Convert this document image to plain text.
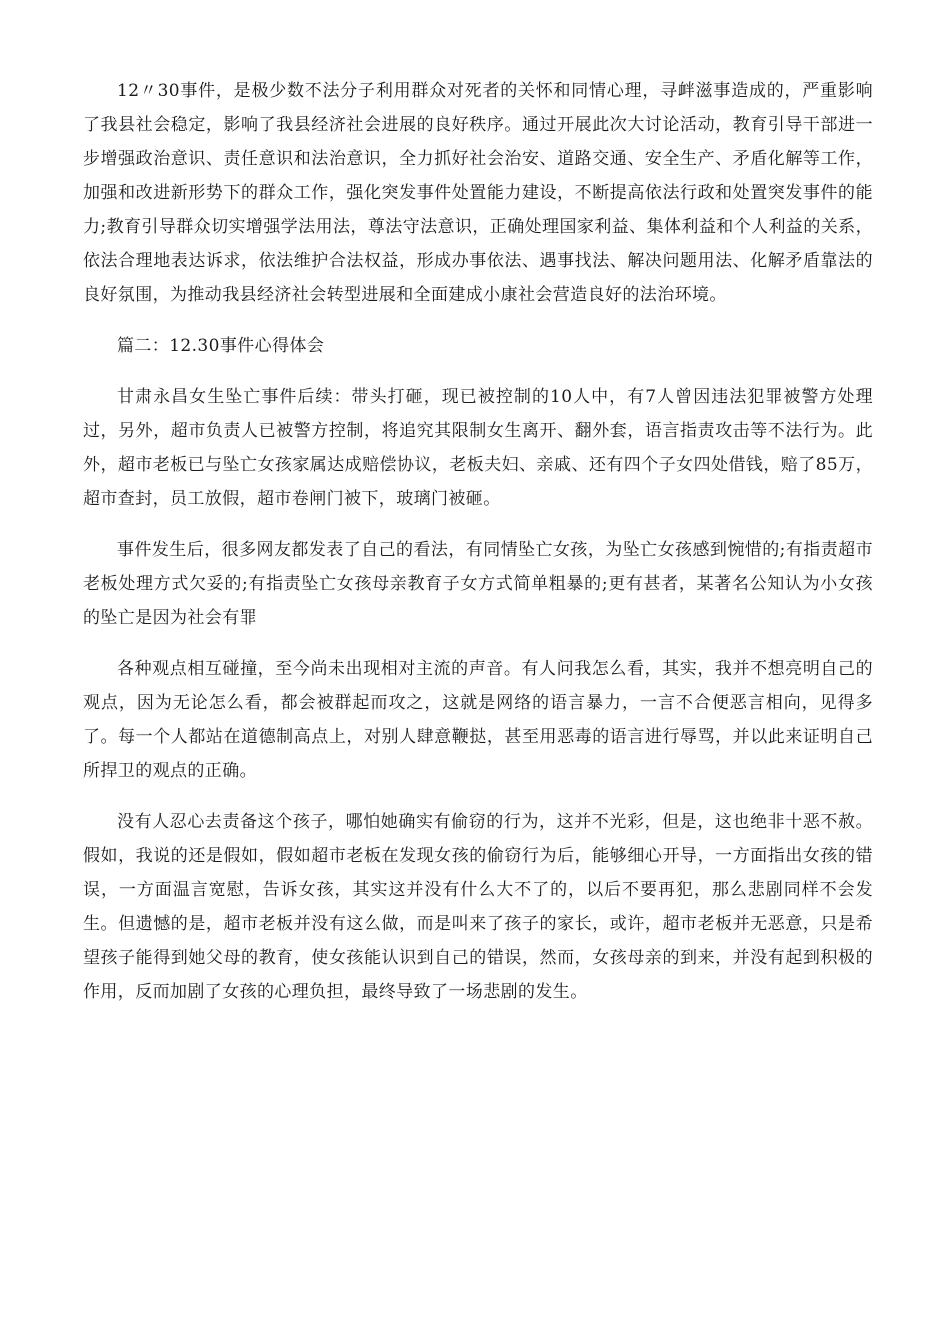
12〃30事件，是极少数不法分子利用群众对死者的关怀和同情心理，寻衅滋事造成的，严重影响了我县社会稳定，影响了我县经济社会进展的良好秩序。通过开展此次大讨论活动，教育引导干部进一步增强政治意识、责任意识和法治意识，全力抓好社会治安、道路交通、安全生产、矛盾化解等工作，加强和改进新形势下的群众工作，强化突发事件处置能力建设，不断提高依法行政和处置突发事件的能力;教育引导群众切实增强学法用法，尊法守法意识，正确处理国家利益、集体利益和个人利益的关系，依法合理地表达诉求，依法维护合法权益，形成办事依法、遇事找法、解决问题用法、化解矛盾靠法的良好氛围，为推动我县经济社会转型进展和全面建成小康社会营造良好的法治环境。

篇二：12.30事件心得体会

甘肃永昌女生坠亡事件后续：带头打砸，现已被控制的10人中，有7人曾因违法犯罪被警方处理过，另外，超市负责人已被警方控制，将追究其限制女生离开、翻外套，语言指责攻击等不法行为。此外，超市老板已与坠亡女孩家属达成赔偿协议，老板夫妇、亲戚、还有四个子女四处借钱，赔了85万，超市查封，员工放假，超市卷闸门被下，玻璃门被砸。

事件发生后，很多网友都发表了自己的看法，有同情坠亡女孩，为坠亡女孩感到惋惜的;有指责超市老板处理方式欠妥的;有指责坠亡女孩母亲教育子女方式简单粗暴的;更有甚者，某著名公知认为小女孩的坠亡是因为社会有罪

各种观点相互碰撞，至今尚未出现相对主流的声音。有人问我怎么看，其实，我并不想亮明自己的观点，因为无论怎么看，都会被群起而攻之，这就是网络的语言暴力，一言不合便恶言相向，见得多了。每一个人都站在道德制高点上，对别人肆意鞭挞，甚至用恶毒的语言进行辱骂，并以此来证明自己所捍卫的观点的正确。

没有人忍心去责备这个孩子，哪怕她确实有偷窃的行为，这并不光彩，但是，这也绝非十恶不赦。假如，我说的还是假如，假如超市老板在发现女孩的偷窃行为后，能够细心开导，一方面指出女孩的错误，一方面温言宽慰，告诉女孩，其实这并没有什么大不了的，以后不要再犯，那么悲剧同样不会发生。但遗憾的是，超市老板并没有这么做，而是叫来了孩子的家长，或许，超市老板并无恶意，只是希望孩子能得到她父母的教育，使女孩能认识到自己的错误，然而，女孩母亲的到来，并没有起到积极的作用，反而加剧了女孩的心理负担，最终导致了一场悲剧的发生。
